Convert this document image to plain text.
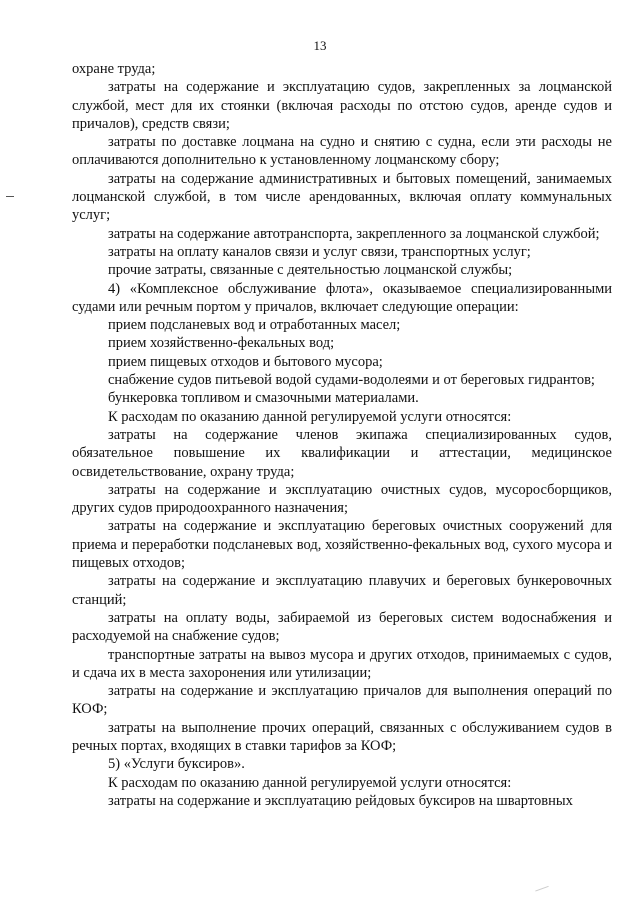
13

охране труда;

затраты на содержание и эксплуатацию судов, закрепленных за лоцманской службой, мест для их стоянки (включая расходы по отстою судов, аренде судов и причалов), средств связи;

затраты по доставке лоцмана на судно и снятию с судна, если эти расходы не оплачиваются дополнительно к установленному лоцманскому сбору;

затраты на содержание административных и бытовых помещений, занимаемых лоцманской службой, в том числе арендованных, включая оплату коммунальных услуг;

затраты на содержание автотранспорта, закрепленного за лоцманской службой;

затраты на оплату каналов связи и услуг связи, транспортных услуг;

прочие затраты, связанные с деятельностью лоцманской службы;

4) «Комплексное обслуживание флота», оказываемое специализированными судами или речным портом у причалов, включает следующие операции:

прием подсланевых вод и отработанных масел;

прием хозяйственно-фекальных вод;

прием пищевых отходов и бытового мусора;

снабжение судов питьевой водой судами-водолеями и от береговых гидрантов;

бункеровка топливом и смазочными материалами.

К расходам по оказанию данной регулируемой услуги относятся:

затраты на содержание членов экипажа специализированных судов, обязательное повышение их квалификации и аттестации, медицинское освидетельствование, охрану труда;

затраты на содержание и эксплуатацию очистных судов, мусоросборщиков, других судов природоохранного назначения;

затраты на содержание и эксплуатацию береговых очистных сооружений для приема и переработки подсланевых вод, хозяйственно-фекальных вод, сухого мусора и пищевых отходов;

затраты на содержание и эксплуатацию плавучих и береговых бункеровочных станций;

затраты на оплату воды, забираемой из береговых систем водоснабжения и расходуемой на снабжение судов;

транспортные затраты на вывоз мусора и других отходов, принимаемых с судов, и сдача их в места захоронения или утилизации;

затраты на содержание и эксплуатацию причалов для выполнения операций по КОФ;

затраты на выполнение прочих операций, связанных с обслуживанием судов в речных портах, входящих в ставки тарифов за КОФ;

5) «Услуги буксиров».

К расходам по оказанию данной регулируемой услуги относятся:

затраты на содержание и эксплуатацию рейдовых буксиров на швартовных
